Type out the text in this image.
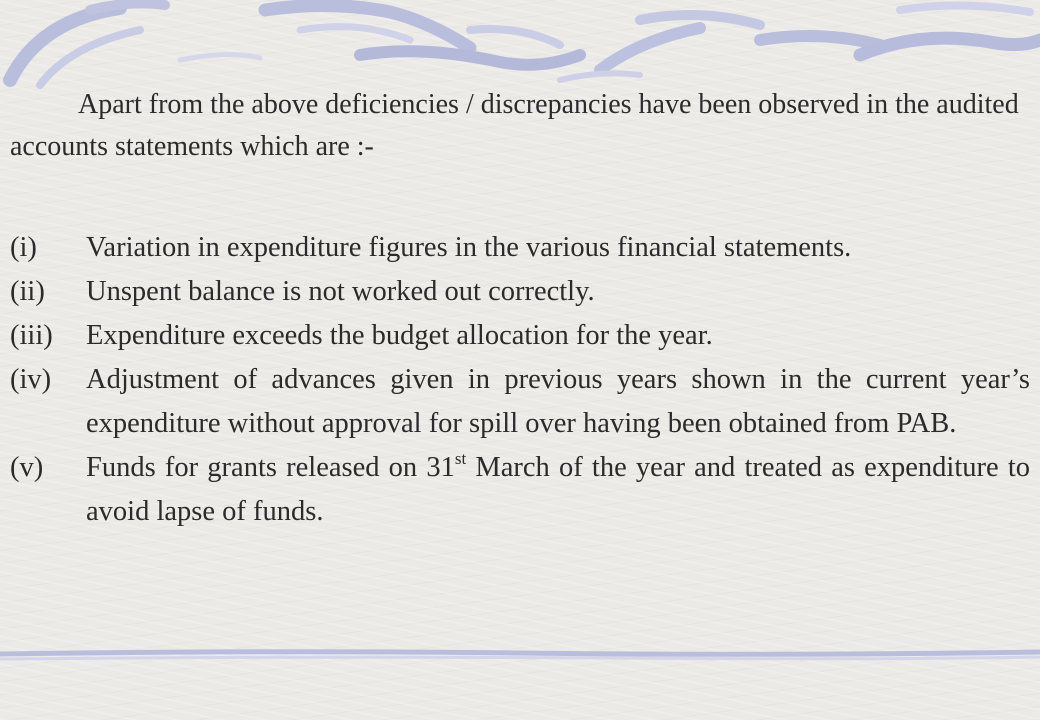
Apart from the above deficiencies / discrepancies have been observed in the audited accounts statements which are :-

(i) Variation in expenditure figures in the various financial statements.
(ii) Unspent balance is not worked out correctly.
(iii) Expenditure exceeds the budget allocation for the year.
(iv) Adjustment of advances given in previous years shown in the current year’s expenditure without approval for spill over having been obtained from PAB.
(v) Funds for grants released on 31st March of the year and treated as expenditure to avoid lapse of funds.
